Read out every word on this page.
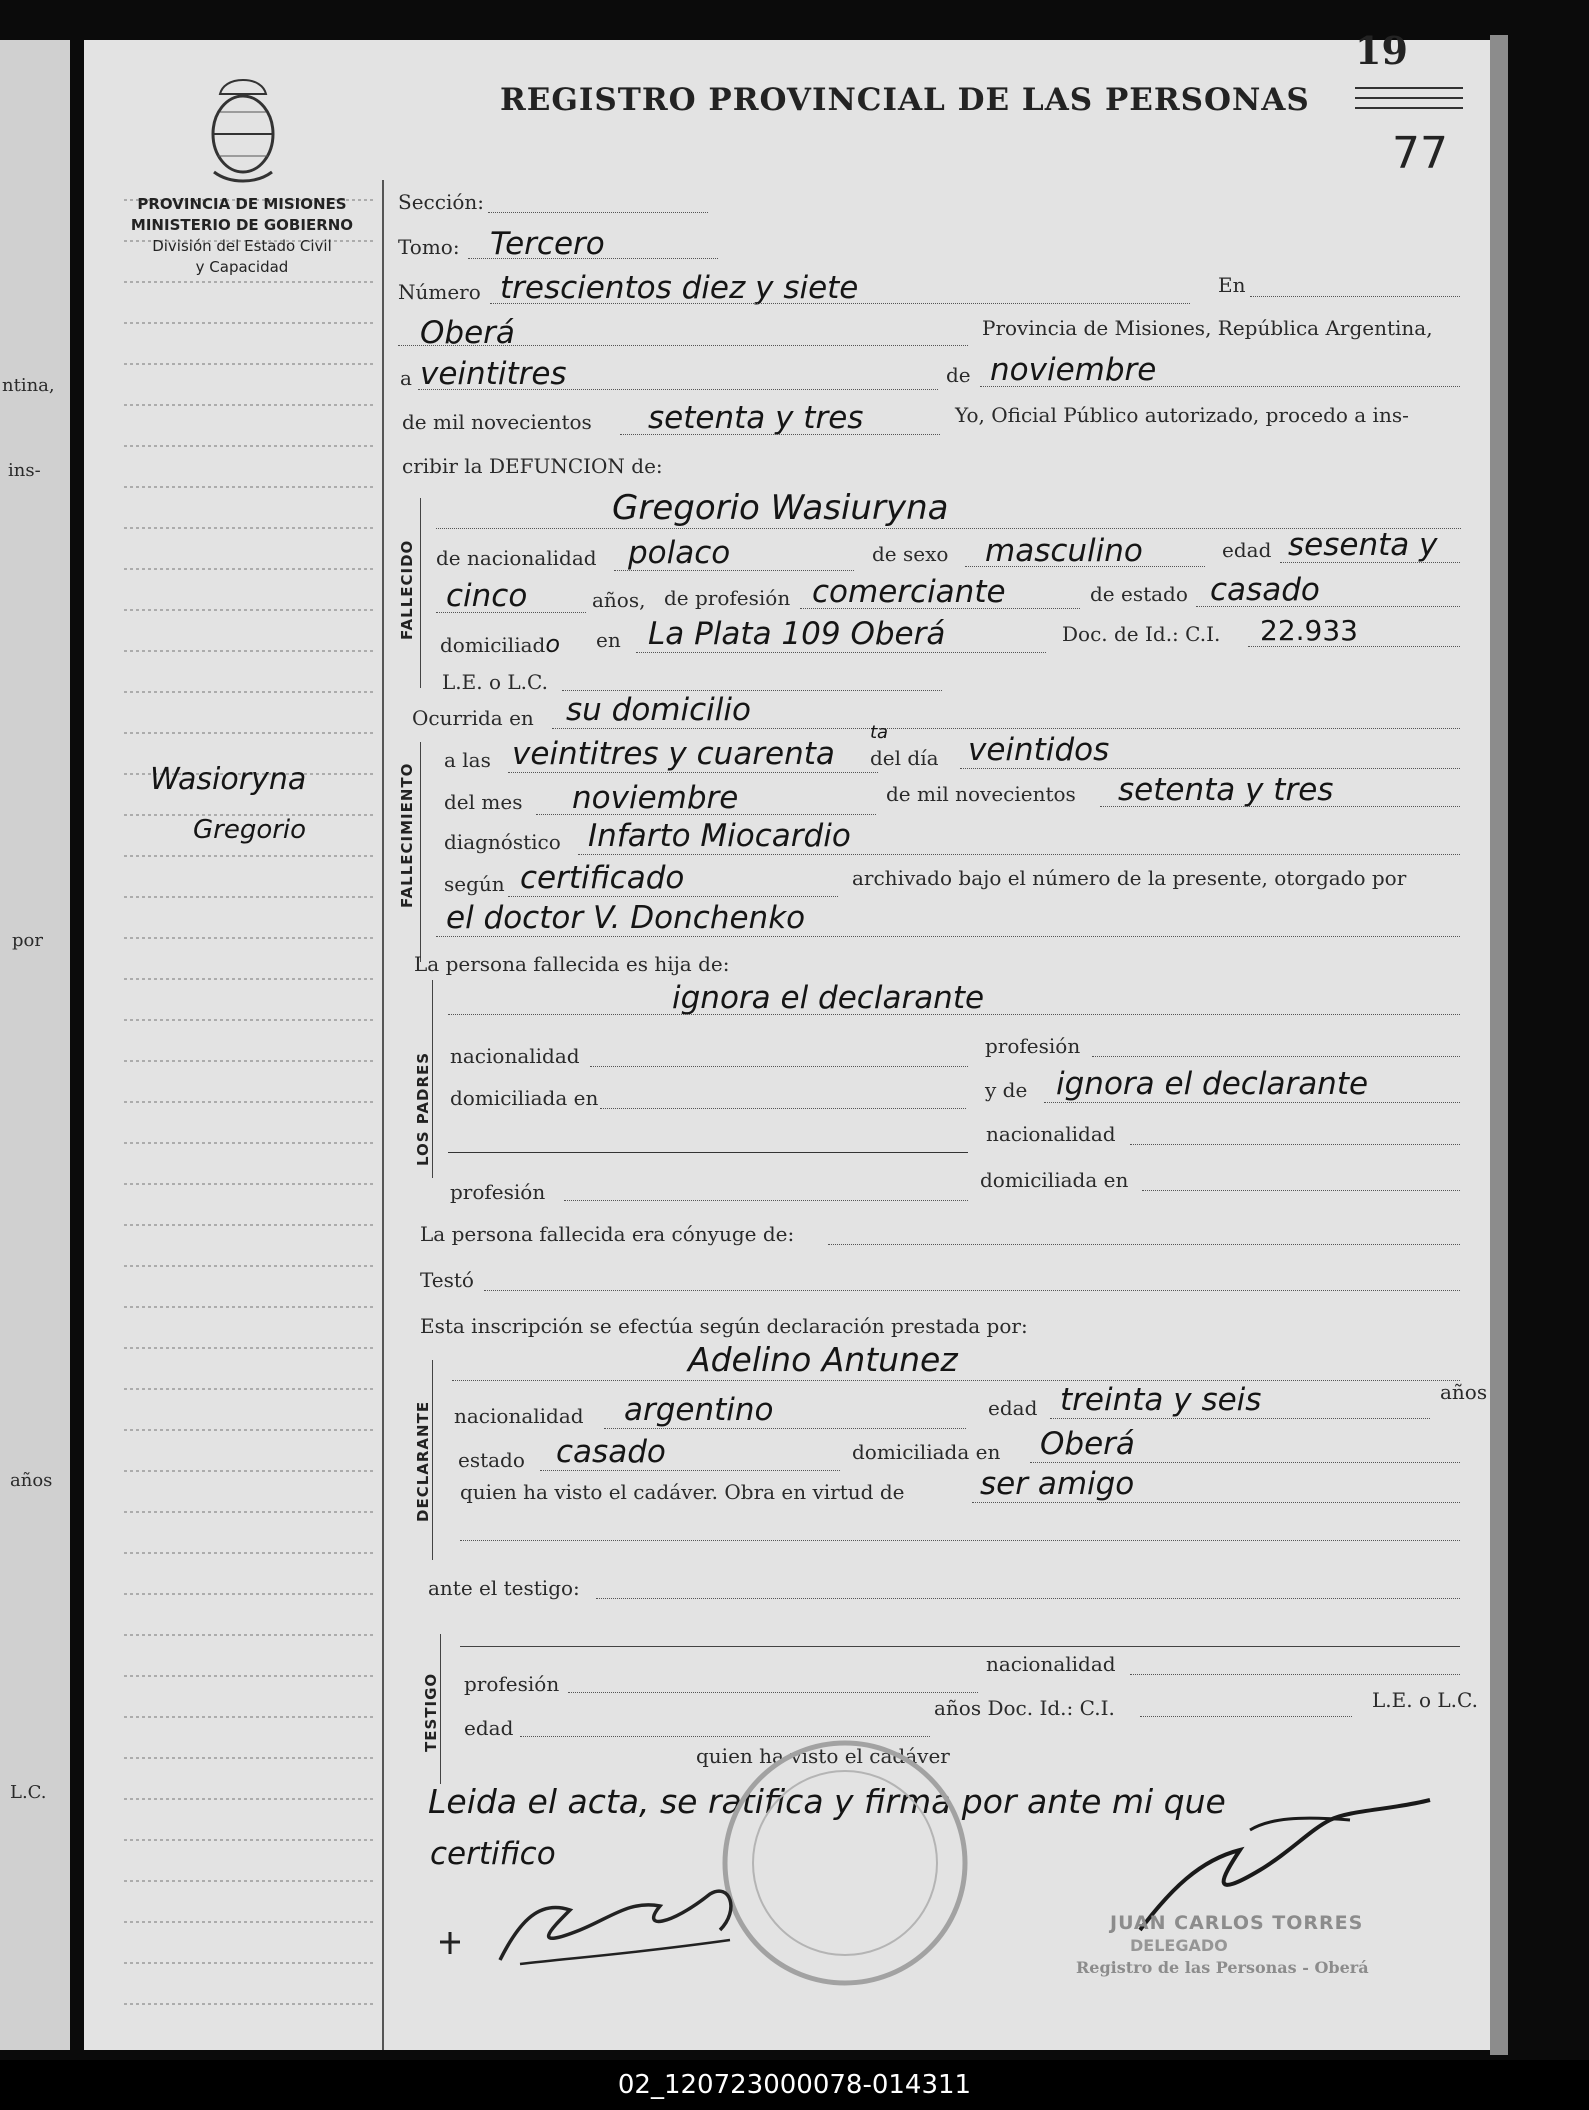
ntina,
ins-
por
años
L.C.
PROVINCIA DE MISIONES
MINISTERIO DE GOBIERNO
División del Estado Civil
y Capacidad
REGISTRO PROVINCIAL DE LAS PERSONAS
19
77
Wasioryna
Gregorio
Sección:
Tomo: Tercero
Número trescientos diez y siete	En
Oberá	Provincia de Misiones, República Argentina,
a veintitres	de noviembre
de mil novecientos setenta y tres	Yo, Oficial Público autorizado, procedo a ins-
cribir la DEFUNCION de:
FALLECIDO
Gregorio Wasiuryna
de nacionalidad polaco	de sexo masculino	edad sesenta y
cinco	años, de profesión comerciante	de estado casado
domiciliado en La Plata 109 Oberá	Doc. de Id.: C.I. 22.933
L.E. o L.C.
Ocurrida en su domicilio
FALLECIMIENTO
a las veintitres y cuarenta
ta
del día veintidos
del mes noviembre	de mil novecientos setenta y tres
diagnóstico Infarto Miocardio
según certificado	archivado bajo el número de la presente, otorgado por
el doctor V. Donchenko
La persona fallecida es hija de:
LOS PADRES
ignora el declarante
nacionalidad	profesión
domiciliada en	y de ignora el declarante
nacionalidad
profesión	domiciliada en
La persona fallecida era cónyuge de:
Testó
Esta inscripción se efectúa según declaración prestada por:
DECLARANTE
Adelino Antunez
nacionalidad argentino	edad treinta y seis	años
estado casado	domiciliada en Oberá
quien ha visto el cadáver. Obra en virtud de ser amigo
ante el testigo:
TESTIGO
nacionalidad
profesión
edad
años Doc. Id.: C.I.	L.E. o L.C.
quien ha visto el cadáver
Leida el acta, se ratifica y firma por ante mi que
certifico
JUAN CARLOS TORRES
DELEGADO
Registro de las Personas - Oberá
02_120723000078-014311
